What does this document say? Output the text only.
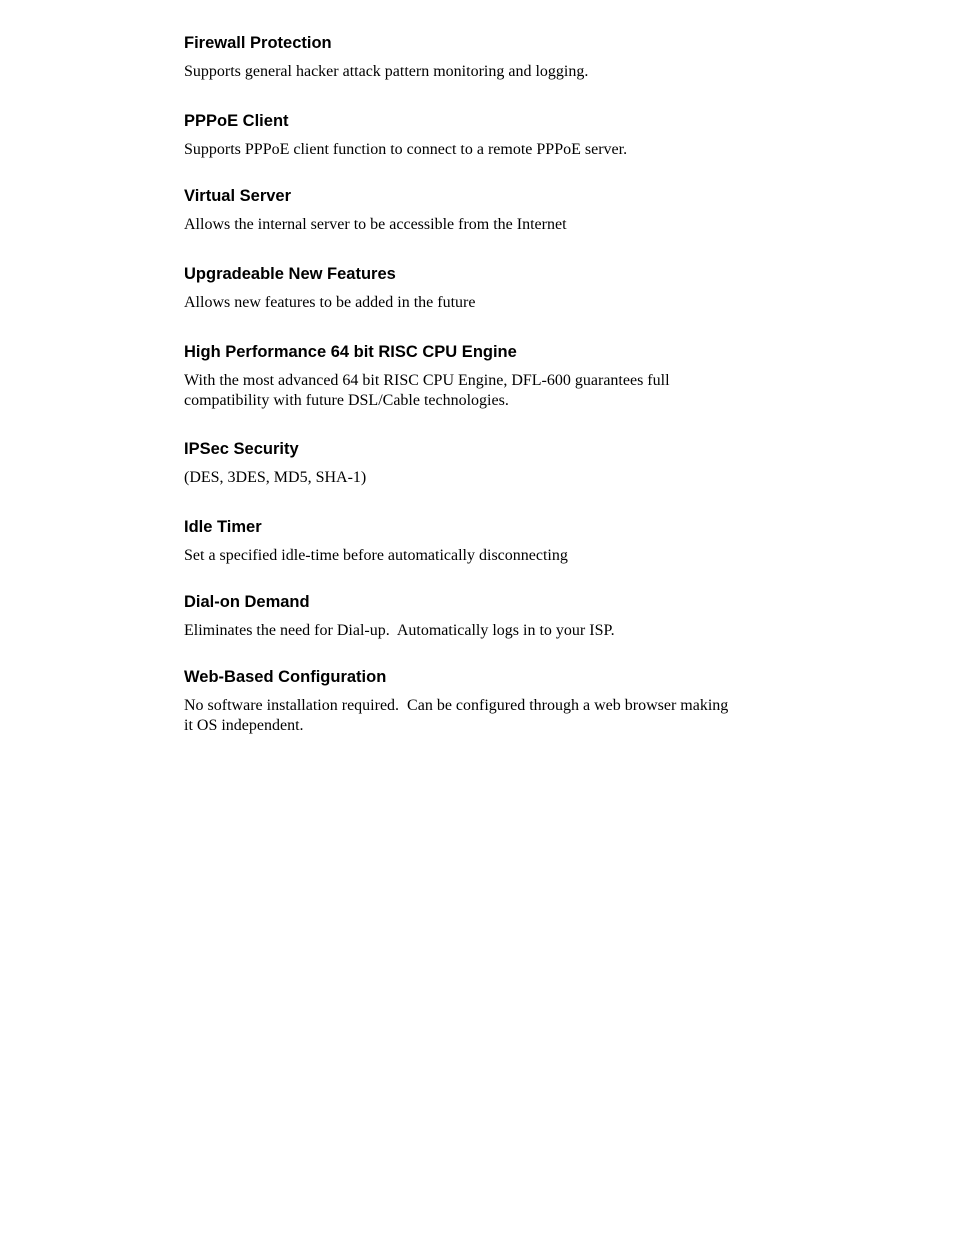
Firewall Protection

Supports general hacker attack pattern monitoring and logging.

PPPoE Client

Supports PPPoE client function to connect to a remote PPPoE server.

Virtual Server

Allows the internal server to be accessible from the Internet

Upgradeable New Features

Allows new features to be added in the future

High Performance 64 bit RISC CPU Engine

With the most advanced 64 bit RISC CPU Engine, DFL-600 guarantees full
compatibility with future DSL/Cable technologies.

IPSec Security

(DES, 3DES, MD5, SHA-1)

Idle Timer

Set a specified idle-time before automatically disconnecting

Dial-on Demand

Eliminates the need for Dial-up.  Automatically logs in to your ISP.

Web-Based Configuration

No software installation required.  Can be configured through a web browser making
it OS independent.
